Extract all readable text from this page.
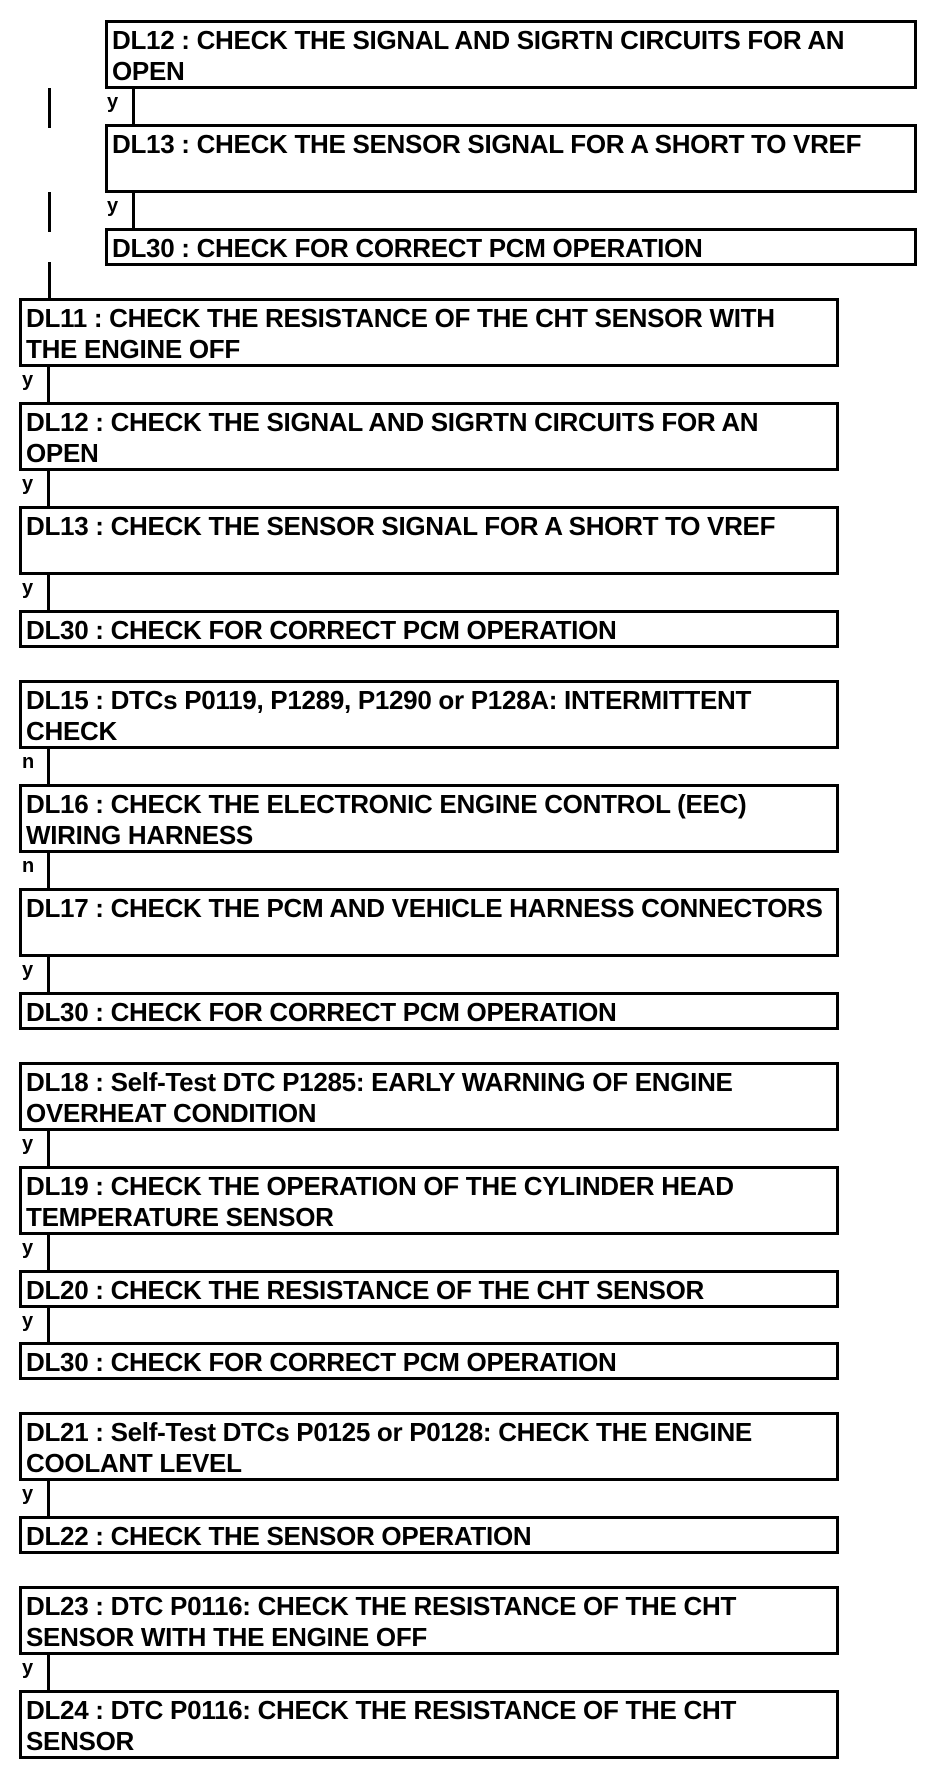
DL12 : CHECK THE SIGNAL AND SIGRTN CIRCUITS FOR AN OPEN
y
DL13 : CHECK THE SENSOR SIGNAL FOR A SHORT TO VREF
y
DL30 : CHECK FOR CORRECT PCM OPERATION
DL11 : CHECK THE RESISTANCE OF THE CHT SENSOR WITH THE ENGINE OFF
y
DL12 : CHECK THE SIGNAL AND SIGRTN CIRCUITS FOR AN OPEN
y
DL13 : CHECK THE SENSOR SIGNAL FOR A SHORT TO VREF
y
DL30 : CHECK FOR CORRECT PCM OPERATION
DL15 : DTCs P0119, P1289, P1290 or P128A: INTERMITTENT CHECK
n
DL16 : CHECK THE ELECTRONIC ENGINE CONTROL (EEC) WIRING HARNESS
n
DL17 : CHECK THE PCM AND VEHICLE HARNESS CONNECTORS
y
DL30 : CHECK FOR CORRECT PCM OPERATION
DL18 : Self-Test DTC P1285: EARLY WARNING OF ENGINE OVERHEAT CONDITION
y
DL19 : CHECK THE OPERATION OF THE CYLINDER HEAD TEMPERATURE SENSOR
y
DL20 : CHECK THE RESISTANCE OF THE CHT SENSOR
y
DL30 : CHECK FOR CORRECT PCM OPERATION
DL21 : Self-Test DTCs P0125 or P0128: CHECK THE ENGINE COOLANT LEVEL
y
DL22 : CHECK THE SENSOR OPERATION
DL23 : DTC P0116: CHECK THE RESISTANCE OF THE CHT SENSOR WITH THE ENGINE OFF
y
DL24 : DTC P0116: CHECK THE RESISTANCE OF THE CHT SENSOR
